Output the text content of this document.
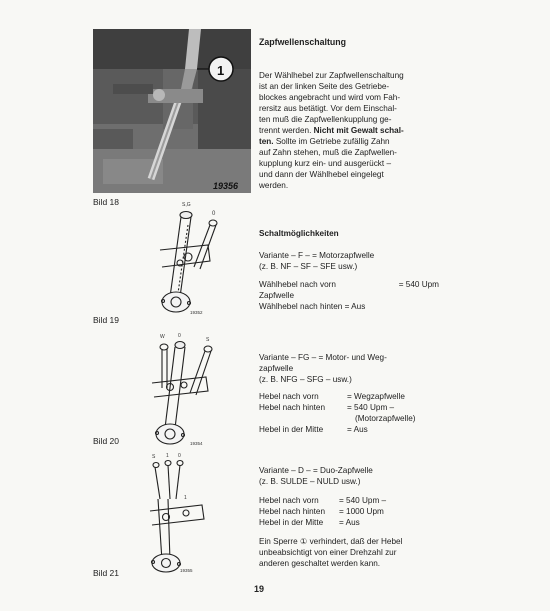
1
19356
Bild 18
Zapfwellenschaltung
Der Wählhebel zur Zapfwellenschaltung
ist an der linken Seite des Getriebe-
blockes angebracht und wird vom Fah-
rersitz aus betätigt. Vor dem Einschal-
ten muß die Zapfwellenkupplung ge-
trennt werden. Nicht mit Gewalt schal-
ten. Sollte im Getriebe zufällig Zahn
auf Zahn stehen, muß die Zapfwellen-
kupplung kurz ein- und ausgerückt –
und dann der Wählhebel eingelegt
werden.
S,G
0
19352
Bild 19
Schaltmöglichkeiten
Variante – F – = Motorzapfwelle
(z. B. NF – SF – SFE usw.)
Wählhebel nach vorn	= 540 Upm
Zapfwelle
Wählhebel nach hinten = Aus
W	0
S
19354
Bild 20
Variante – FG – = Motor- und Weg-
zapfwelle
(z. B. NFG – SFG – usw.)
Hebel nach vorn	= Wegzapfwelle
Hebel nach hinten	= 540 Upm –
(Motorzapfwelle)
Hebel in der Mitte	= Aus
S 1 0
1
19355
Bild 21
Variante – D – = Duo-Zapfwelle
(z. B. SULDE – NULD usw.)
Hebel nach vorn	= 540 Upm –
Hebel nach hinten	= 1000 Upm
Hebel in der Mitte	= Aus
Ein Sperre ① verhindert, daß der Hebel
unbeabsichtigt von einer Drehzahl zur
anderen geschaltet werden kann.
19
